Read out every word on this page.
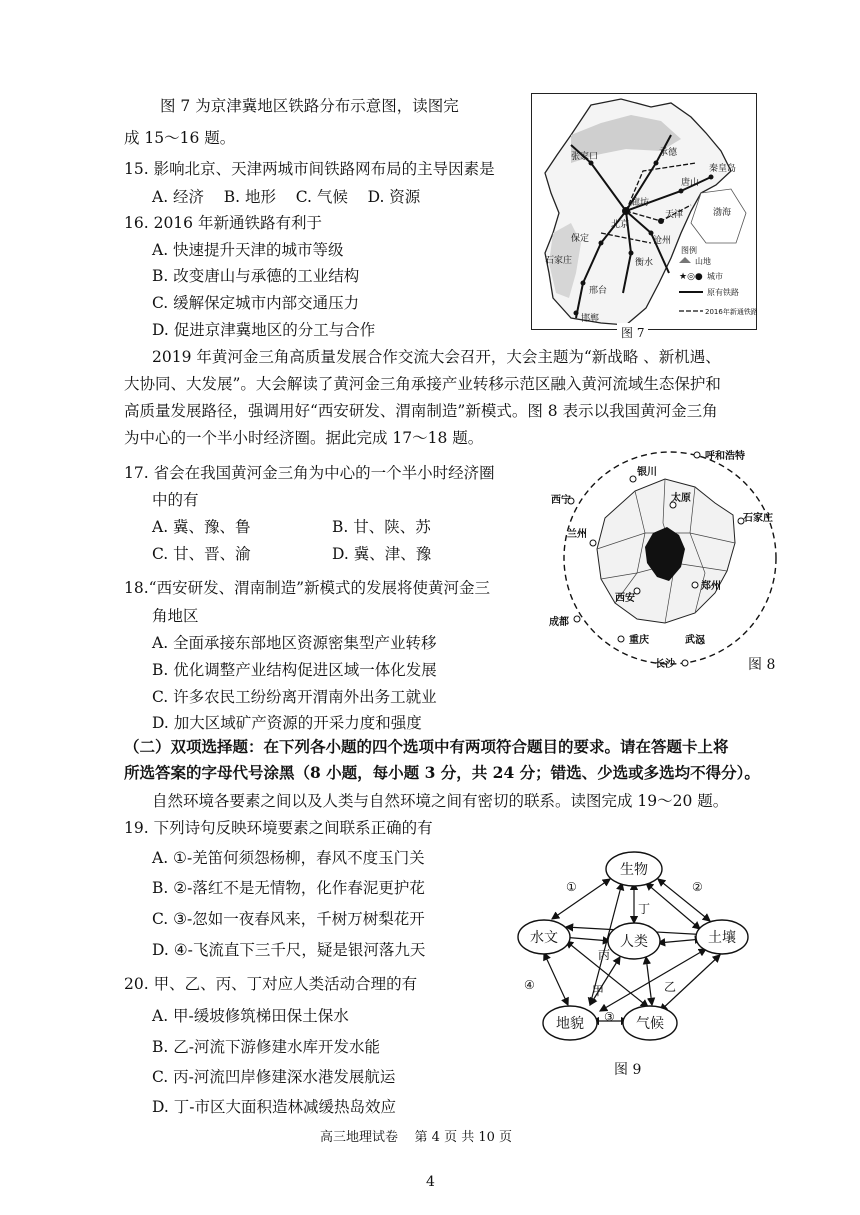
图 7 为京津冀地区铁路分布示意图，读图完
成 15～16 题。
15. 影响北京、天津两城市间铁路网布局的主导因素是
A. 经济    B. 地形    C. 气候    D. 资源
16. 2016 年新通铁路有利于
A. 快速提升天津的城市等级
B. 改变唐山与承德的工业结构
C. 缓解保定城市内部交通压力
D. 促进京津冀地区的分工与合作
张家口	承德
秦皇岛
唐山
北京
廊坊
天津
保定	沧州
石家庄	衡水
邢台
邯郸
渤海
图例
山地
★◎● 城市
原有铁路
2016年新通铁路
图 7
2019 年黄河金三角高质量发展合作交流大会召开，大会主题为“新战略 、新机遇、
大协同、大发展”。大会解读了黄河金三角承接产业转移示范区融入黄河流域生态保护和
高质量发展路径，强调用好“西安研发、渭南制造”新模式。图 8 表示以我国黄河金三角
为中心的一个半小时经济圈。据此完成 17～18 题。
17. 省会在我国黄河金三角为中心的一个半小时经济圈
中的有
A. 冀、豫、鲁	B. 甘、陕、苏
C. 甘、晋、渝	D. 冀、津、豫
18.“西安研发、渭南制造”新模式的发展将使黄河金三
角地区
A. 全面承接东部地区资源密集型产业转移
B. 优化调整产业结构促进区域一体化发展
C. 许多农民工纷纷离开渭南外出务工就业
D. 加大区域矿产资源的开采力度和强度
呼和浩特
银川
西宁
兰州
太原
石家庄
西安
郑州
成都
重庆	武汉
长沙	图 8
（二）双项选择题：在下列各小题的四个选项中有两项符合题目的要求。请在答题卡上将
所选答案的字母代号涂黑（8 小题，每小题 3 分，共 24 分；错选、少选或多选均不得分）。
自然环境各要素之间以及人类与自然环境之间有密切的联系。读图完成 19～20 题。
19. 下列诗句反映环境要素之间联系正确的有
A. ①-羌笛何须怨杨柳，春风不度玉门关
B. ②-落红不是无情物，化作春泥更护花
C. ③-忽如一夜春风来，千树万树梨花开
D. ④-飞流直下三千尺，疑是银河落九天
20. 甲、乙、丙、丁对应人类活动合理的有
A. 甲-缓坡修筑梯田保土保水
B. 乙-河流下游修建水库开发水能
C. 丙-河流凹岸修建深水港发展航运
D. 丁-市区大面积造林减缓热岛效应
生物
水文	人类	土壤
地貌	气候
①	②
③
④	甲	乙
丙
丁
图 9
高三地理试卷    第 4 页 共 10 页
4
